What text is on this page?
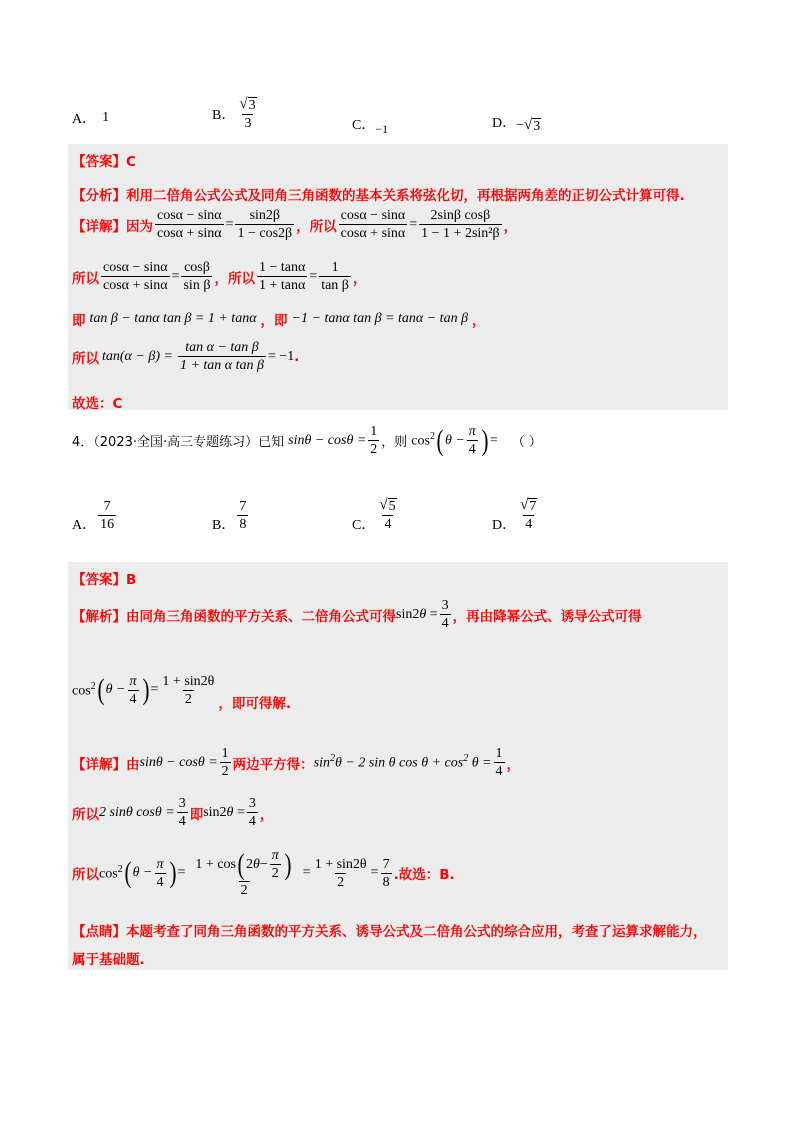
A． 1	B． $\frac{√ 3}{3}$	C． −1	D． − √ 3
【答案】C
【分析】利用二倍角公式公式及同角三角函数的基本关系将弦化切，再根据两角差的正切公式计算可得.
【详解】 因为 $\frac{\cos\alpha - \sin\alpha}{\cos\alpha + \sin\alpha} = \frac{\sin 2\beta}{1 - \cos 2\beta}$ ， 所以 $\frac{\cos\alpha - \sin\alpha}{\cos\alpha + \sin\alpha} = \frac{\text{2sinβ cosβ}}{\text{1 − 1 + 2sin²β}}$ ，
所以 $\frac{\cos\alpha - \sin\alpha}{\cos\alpha + \sin\alpha} = \frac{\cos\beta}{\text{sin β}}$ ， 所以 $\frac{1 - \tan\alpha}{1 + \tan\alpha} = \frac{1}{\text{tan β}}$ ，
即 tan β − tanα tan β = 1 + tanα ， 即 −1 − tanα tan β = tanα − tan β ，
所以 $\tan(\alpha - \beta) = \frac{\text{tan α − tan β}}{\text{1 + tan α tan β}} = -1$ .
故选：C
4．（2023·全国·高三专题练习）已知 $\sin\theta - \cos\theta = \frac{1}{2}$ ，则 $\cos^2$ ( $\theta - \frac{\pi}{4}$ ) = （ ）
A． $\frac{7}{16}$	B． $\frac{7}{8}$	C． $\frac{√ 5}{4}$	D． $\frac{√ 7}{4}$
【答案】B
【解析】 由同角三角函数的平方关系、二倍角公式可得 $\sin 2\theta = \frac{3}{4}$ ，再由降幂公式、诱导公式可得
$\cos^2$ ( $\theta - \frac{\pi}{4}$ ) = $\frac{1 + \sin 2\theta}{2}$ ，即可得解.
【详解】 由 $\sin\theta - \cos\theta = \frac{1}{2}$ 两边平方得： $\sin^2\theta - 2$ sin θ $\cos \theta + \cos^2 \theta = \frac{1}{4}$ ，
所以 2 sinθ $\cos\theta = \frac{3}{4}$ 即 $\sin 2\theta = \frac{3}{4}$ ，
所以 $\cos^2$ ( $\theta - \frac{\pi}{4}$ ) = $\frac{1 + \cos ( 2 \theta - \frac{\pi}{2} )}{2} = \frac{1 + \sin 2\theta}{2} = \frac{7}{8}$ .故选：B.
【点睛】本题考查了同角三角函数的平方关系、诱导公式及二倍角公式的综合应用，考查了运算求解能力，
属于基础题.
